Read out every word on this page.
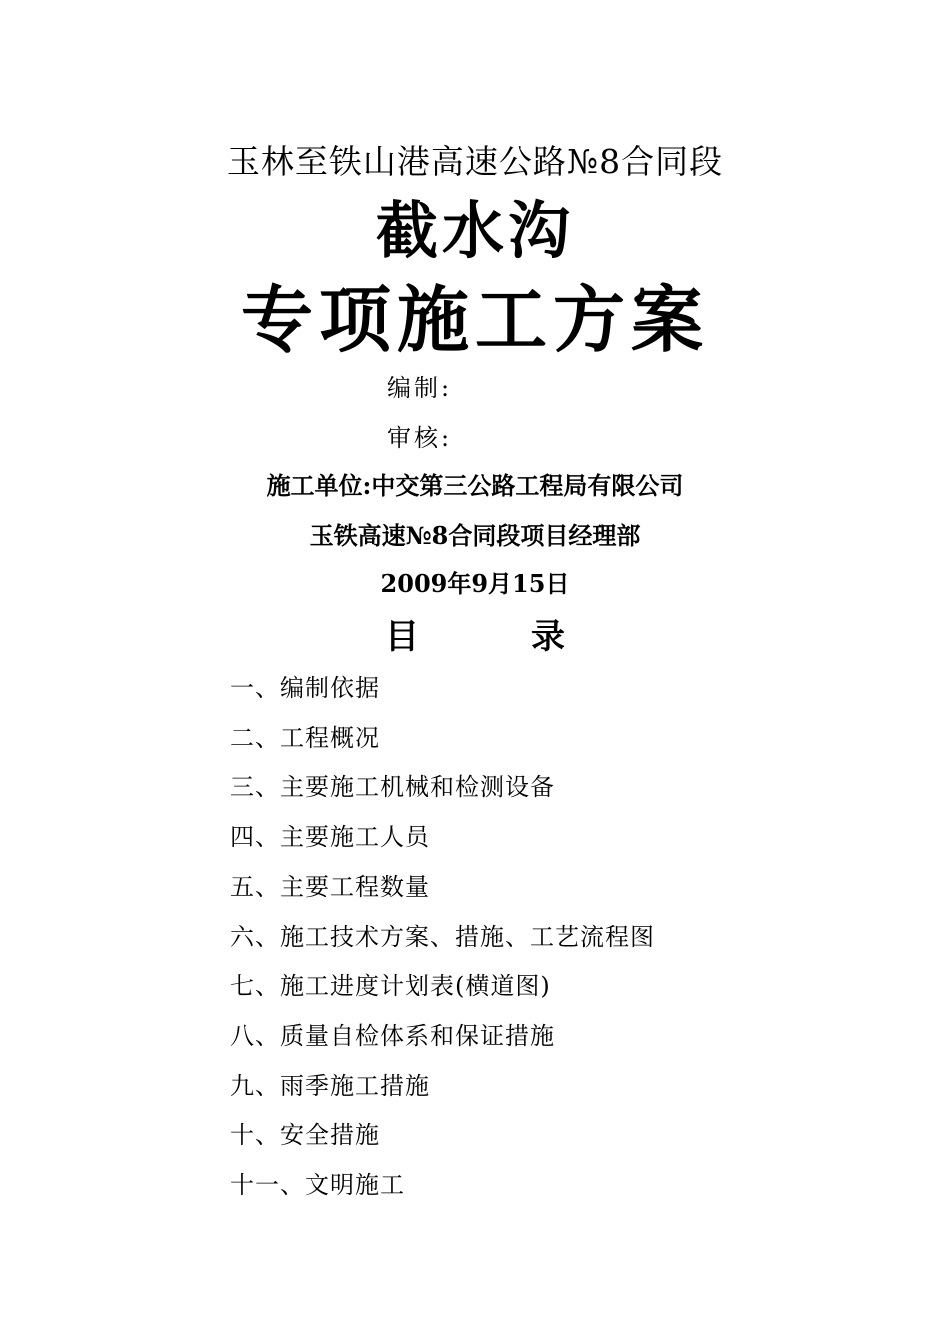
玉林至铁山港高速公路№8合同段
截水沟
专项施工方案
编制:
审核:
施工单位:中交第三公路工程局有限公司
玉铁高速№8合同段项目经理部
2009年9月15日
目	录
一、编制依据
二、工程概况
三、主要施工机械和检测设备
四、主要施工人员
五、主要工程数量
六、施工技术方案、措施、工艺流程图
七、施工进度计划表(横道图)
八、质量自检体系和保证措施
九、雨季施工措施
十、安全措施
十一、文明施工
